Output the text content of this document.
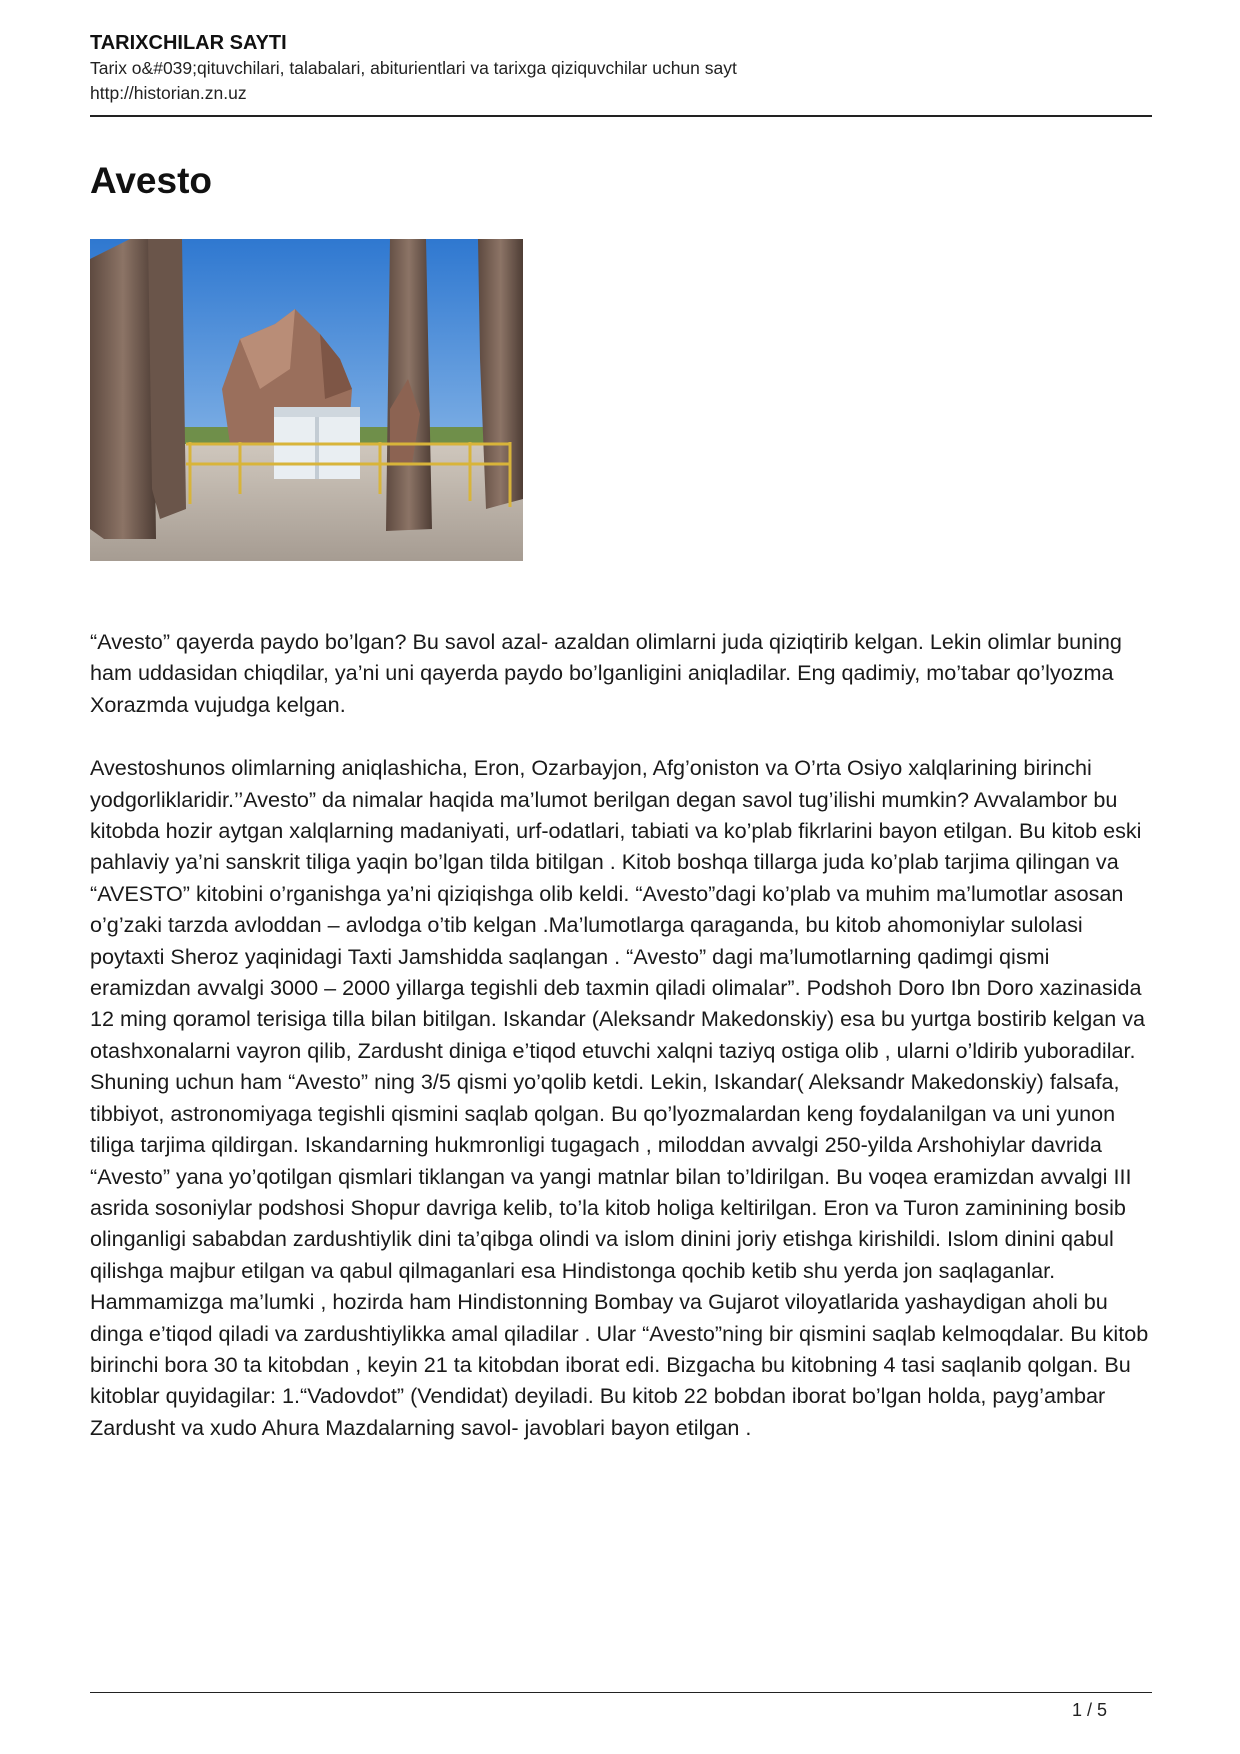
TARIXCHILAR SAYTI
Tarix o&#039;qituvchilari, talabalari, abiturientlari va tarixga qiziquvchilar uchun sayt
http://historian.zn.uz
Avesto

“Avesto” qayerda paydo bo’lgan? Bu savol azal- azaldan olimlarni juda qiziqtirib kelgan. Lekin olimlar buning ham uddasidan chiqdilar, ya’ni uni qayerda paydo bo’lganligini aniqladilar. Eng qadimiy, mo’tabar qo’lyozma Xorazmda vujudga kelgan.

Avestoshunos olimlarning aniqlashicha, Eron, Ozarbayjon, Afg’oniston va O’rta Osiyo xalqlarining birinchi yodgorliklaridir.’’Avesto” da nimalar haqida ma’lumot berilgan degan savol tug’ilishi mumkin? Avvalambor bu kitobda hozir aytgan xalqlarning madaniyati, urf-odatlari, tabiati va ko’plab fikrlarini bayon etilgan. Bu kitob eski pahlaviy ya’ni sanskrit tiliga yaqin bo’lgan tilda bitilgan . Kitob boshqa tillarga juda ko’plab tarjima qilingan va “AVESTO” kitobini o’rganishga ya’ni qiziqishga olib keldi. “Avesto”dagi ko’plab va muhim ma’lumotlar asosan o’g’zaki tarzda avloddan – avlodga o’tib kelgan .Ma’lumotlarga qaraganda, bu kitob ahomoniylar sulolasi poytaxti Sheroz yaqinidagi Taxti Jamshidda saqlangan . “Avesto” dagi ma’lumotlarning qadimgi qismi eramizdan avvalgi 3000 – 2000 yillarga tegishli deb taxmin qiladi olimalar”. Podshoh Doro Ibn Doro xazinasida 12 ming qoramol terisiga tilla bilan bitilgan. Iskandar (Aleksandr Makedonskiy) esa bu yurtga bostirib kelgan va otashxonalarni vayron qilib, Zardusht diniga e’tiqod etuvchi xalqni taziyq ostiga olib , ularni o’ldirib yuboradilar.

Shuning uchun ham “Avesto” ning 3/5 qismi yo’qolib ketdi. Lekin, Iskandar( Aleksandr Makedonskiy) falsafa, tibbiyot, astronomiyaga tegishli qismini saqlab qolgan. Bu qo’lyozmalardan keng foydalanilgan va uni yunon tiliga tarjima qildirgan. Iskandarning hukmronligi tugagach , miloddan avvalgi 250-yilda Arshohiylar davrida “Avesto” yana yo’qotilgan qismlari tiklangan va yangi matnlar bilan to’ldirilgan. Bu voqea eramizdan avvalgi III asrida sosoniylar podshosi Shopur davriga kelib, to’la kitob holiga keltirilgan. Eron va Turon zaminining bosib olinganligi sababdan zardushtiylik dini ta’qibga olindi va islom dinini joriy etishga kirishildi. Islom dinini qabul qilishga majbur etilgan va qabul qilmaganlari esa Hindistonga qochib ketib shu yerda jon saqlaganlar. Hammamizga ma’lumki , hozirda ham Hindistonning Bombay va Gujarot viloyatlarida yashaydigan aholi bu dinga e’tiqod qiladi va zardushtiylikka amal qiladilar . Ular “Avesto”ning bir qismini saqlab kelmoqdalar. Bu kitob birinchi bora 30 ta kitobdan , keyin 21 ta kitobdan iborat edi. Bizgacha bu kitobning 4 tasi saqlanib qolgan. Bu kitoblar quyidagilar: 1.“Vadovdot” (Vendidat) deyiladi. Bu kitob 22 bobdan iborat bo’lgan holda, payg’ambar Zardusht va xudo Ahura Mazdalarning savol- javoblari bayon etilgan .

1 / 5
